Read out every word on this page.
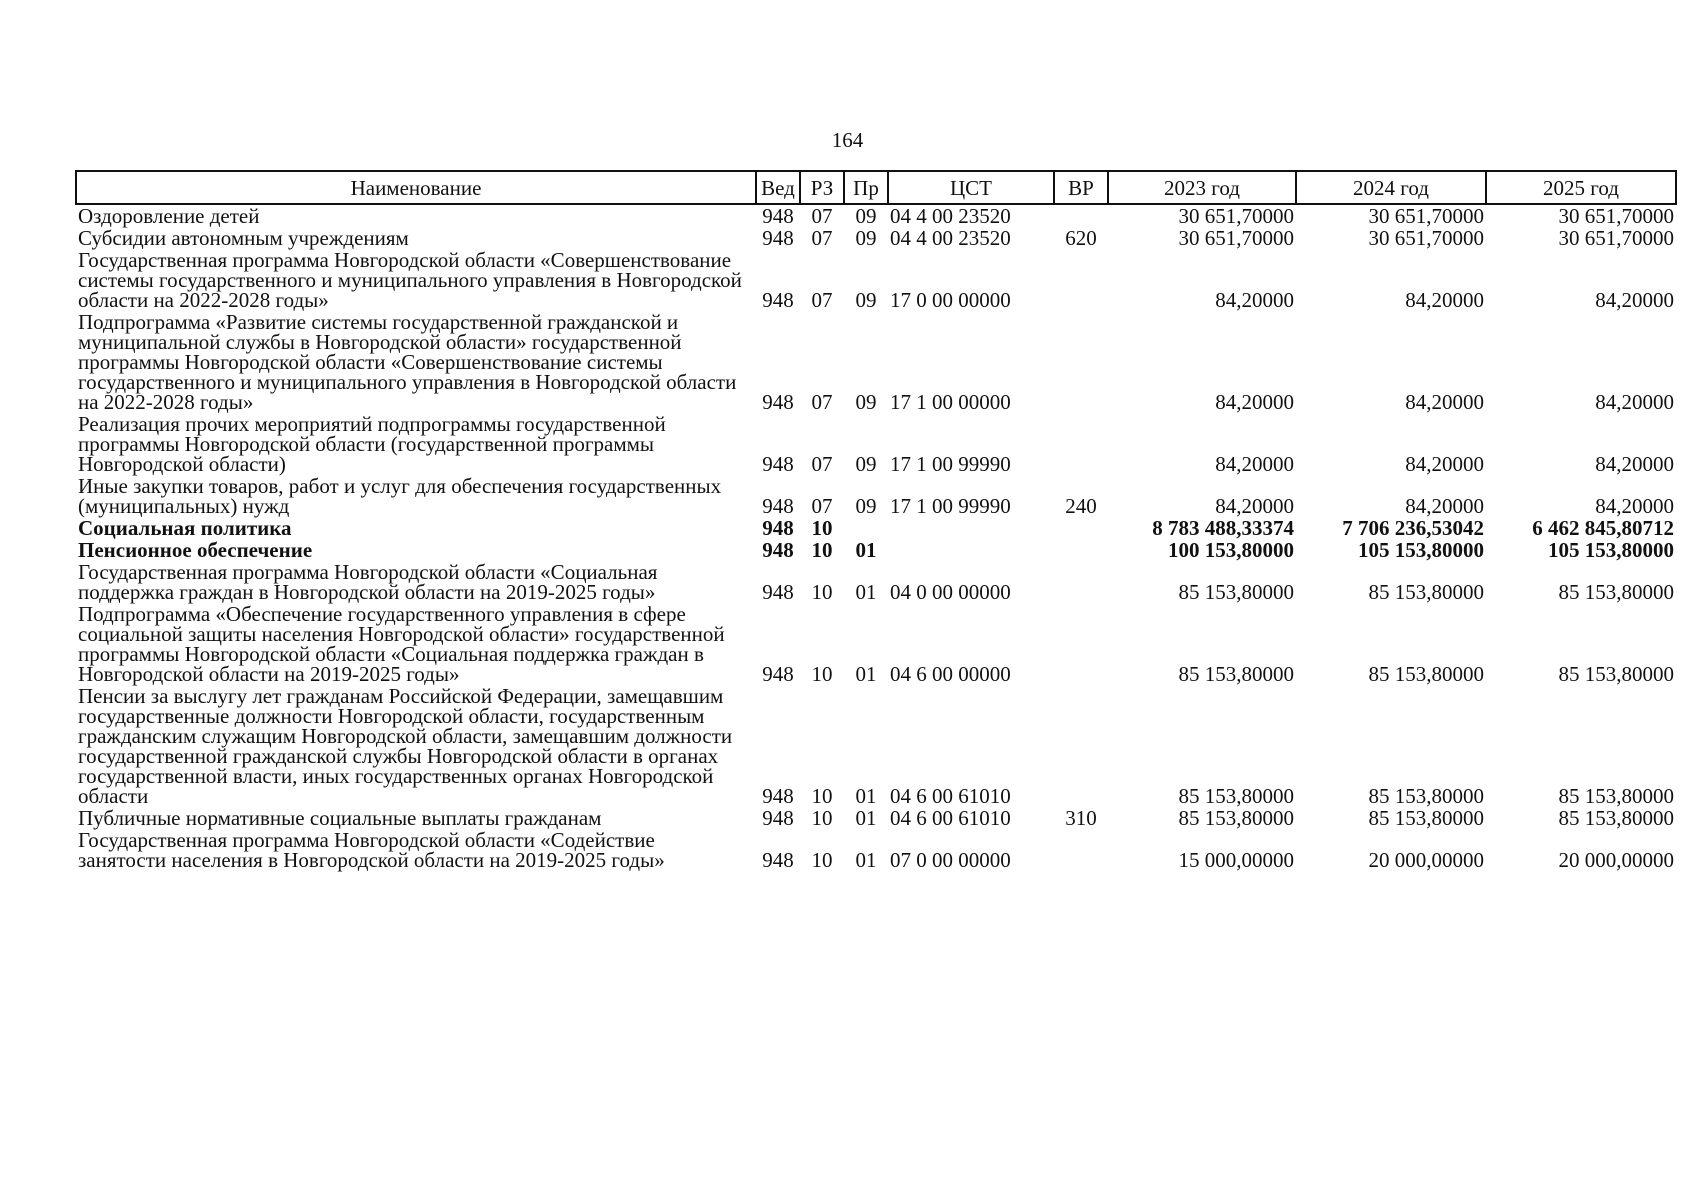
164
Наименование	Вед	РЗ	Пр	ЦСТ	ВР	2023 год	2024 год	2025 год
Оздоровление детей	948	07	09	04 4 00 23520		30 651,70000	30 651,70000	30 651,70000
Субсидии автономным учреждениям	948	07	09	04 4 00 23520	620	30 651,70000	30 651,70000	30 651,70000
Государственная программа Новгородской области «Совершенствование системы государственного и муниципального управления в Новгородской области на 2022-2028 годы»	948	07	09	17 0 00 00000		84,20000	84,20000	84,20000
Подпрограмма «Развитие системы государственной гражданской и муниципальной службы в Новгородской области» государственной программы Новгородской области «Совершенствование системы государственного и муниципального управления в Новгородской области на 2022-2028 годы»	948	07	09	17 1 00 00000		84,20000	84,20000	84,20000
Реализация прочих мероприятий подпрограммы государственной программы Новгородской области (государственной программы Новгородской области)	948	07	09	17 1 00 99990		84,20000	84,20000	84,20000
Иные закупки товаров, работ и услуг для обеспечения государственных (муниципальных) нужд	948	07	09	17 1 00 99990	240	84,20000	84,20000	84,20000
Социальная политика	948	10				8 783 488,33374	7 706 236,53042	6 462 845,80712
Пенсионное обеспечение	948	10	01			100 153,80000	105 153,80000	105 153,80000
Государственная программа Новгородской области «Социальная поддержка граждан в Новгородской области на 2019-2025 годы»	948	10	01	04 0 00 00000		85 153,80000	85 153,80000	85 153,80000
Подпрограмма «Обеспечение государственного управления в сфере социальной защиты населения Новгородской области» государственной программы Новгородской области «Социальная поддержка граждан в Новгородской области на 2019-2025 годы»	948	10	01	04 6 00 00000		85 153,80000	85 153,80000	85 153,80000
Пенсии за выслугу лет гражданам Российской Федерации, замещавшим государственные должности Новгородской области, государственным гражданским служащим Новгородской области, замещавшим должности государственной гражданской службы Новгородской области в органах государственной власти, иных государственных органах Новгородской области	948	10	01	04 6 00 61010		85 153,80000	85 153,80000	85 153,80000
Публичные нормативные социальные выплаты гражданам	948	10	01	04 6 00 61010	310	85 153,80000	85 153,80000	85 153,80000
Государственная программа Новгородской области «Содействие занятости населения в Новгородской области на 2019-2025 годы»	948	10	01	07 0 00 00000		15 000,00000	20 000,00000	20 000,00000
